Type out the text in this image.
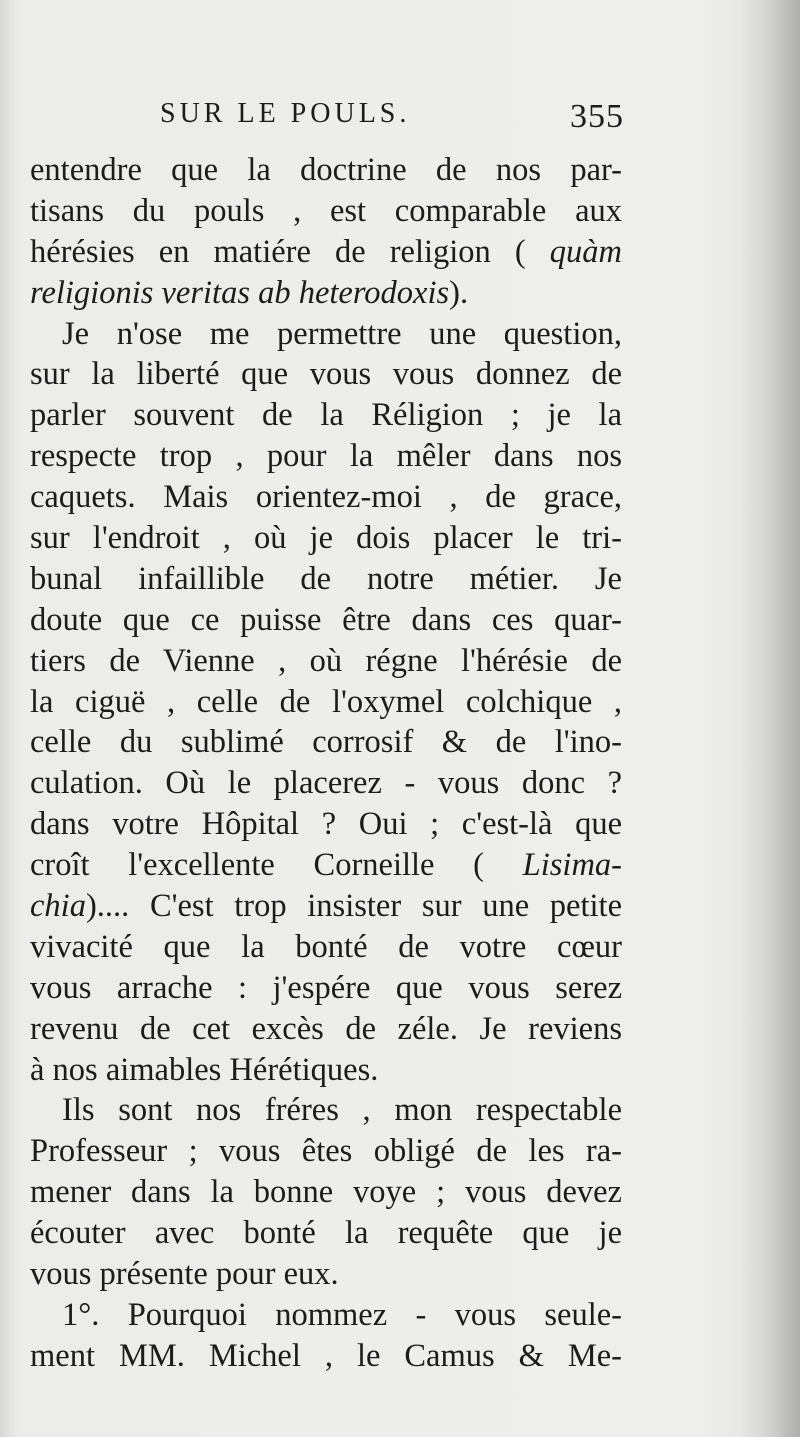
SUR LE POULS.	355
entendre que la doctrine de nos par-
tisans du pouls , est comparable aux
hérésies en matiére de religion ( quàm
religionis veritas ab heterodoxis).
Je n'ose me permettre une question,
sur la liberté que vous vous donnez de
parler souvent de la Réligion ; je la
respecte trop , pour la mêler dans nos
caquets. Mais orientez-moi , de grace,
sur l'endroit , où je dois placer le tri-
bunal infaillible de notre métier. Je
doute que ce puisse être dans ces quar-
tiers de Vienne , où régne l'hérésie de
la ciguë , celle de l'oxymel colchique ,
celle du sublimé corrosif & de l'ino-
culation. Où le placerez - vous donc ?
dans votre Hôpital ? Oui ; c'est-là que
croît l'excellente Corneille ( Lisima-
chia).... C'est trop insister sur une petite
vivacité que la bonté de votre cœur
vous arrache : j'espére que vous serez
revenu de cet excès de zéle. Je reviens
à nos aimables Hérétiques.
Ils sont nos fréres , mon respectable
Professeur ; vous êtes obligé de les ra-
mener dans la bonne voye ; vous devez
écouter avec bonté la requête que je
vous présente pour eux.
1°. Pourquoi nommez - vous seule-
ment MM. Michel , le Camus & Me-
